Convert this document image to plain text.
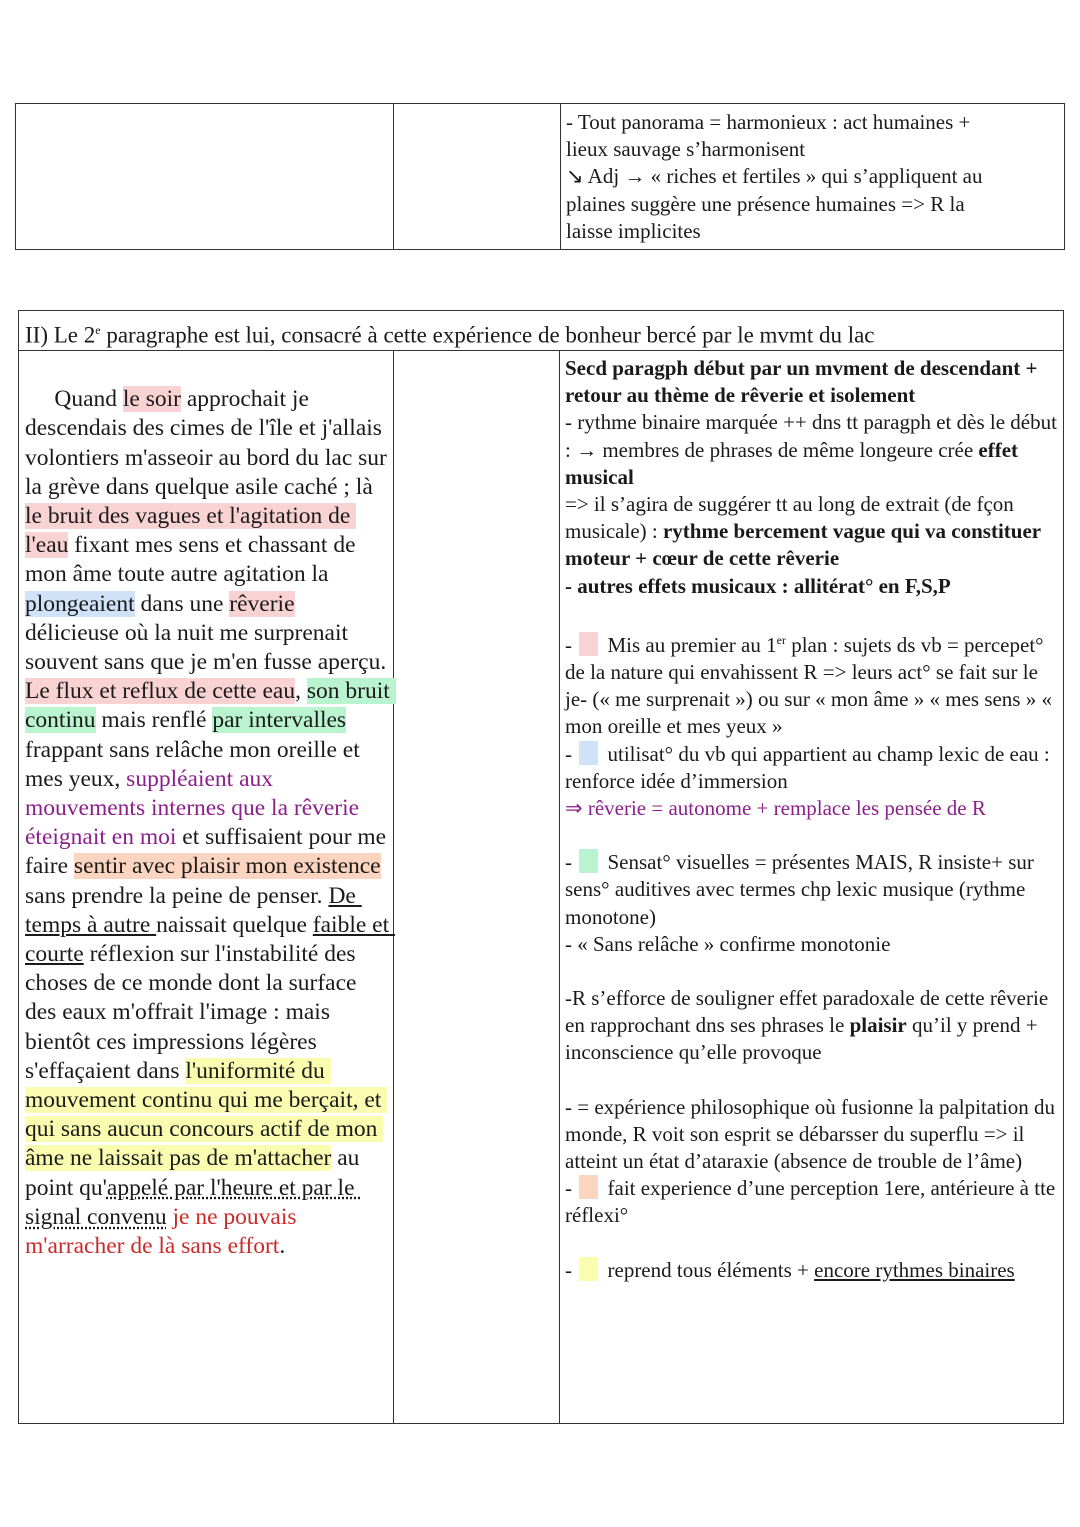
- Tout panorama = harmonieux : act humaines +
lieux sauvage s’harmonisent
↘ Adj → « riches et fertiles » qui s’appliquent au
plaines suggère une présence humaines => R la
laisse implicites
II) Le 2e paragraphe est lui, consacré à cette expérience de bonheur bercé par le mvmt du lac

Quand le soir approchait je descendais des cimes de l'île et j'allais volontiers m'asseoir au bord du lac sur la grève dans quelque asile caché ; là le bruit des vagues et l'agitation de l'eau fixant mes sens et chassant de mon âme toute autre agitation la plongeaient dans une rêverie délicieuse où la nuit me surprenait souvent sans que je m'en fusse aperçu. Le flux et reflux de cette eau, son bruit continu mais renflé par intervalles frappant sans relâche mon oreille et mes yeux, suppléaient aux mouvements internes que la rêverie éteignait en moi et suffisaient pour me faire sentir avec plaisir mon existence sans prendre la peine de penser. De temps à autre naissait quelque faible et courte réflexion sur l'instabilité des choses de ce monde dont la surface des eaux m'offrait l'image : mais bientôt ces impressions légères s'effaçaient dans l'uniformité du mouvement continu qui me berçait, et qui sans aucun concours actif de mon âme ne laissait pas de m'attacher au point qu'appelé par l'heure et par le signal convenu je ne pouvais m'arracher de là sans effort.

Secd paragph début par un mvment de descendant + retour au thème de rêverie et isolement
- rythme binaire marquée ++ dns tt paragph et dès le début : → membres de phrases de même longeure crée effet musical
=> il s’agira de suggérer tt au long de extrait (de fçon musicale) : rythme bercement vague qui va constituer moteur + cœur de cette rêverie
- autres effets musicaux : allitérat° en F,S,P
-  Mis au premier au 1er plan : sujets ds vb = percepet° de la nature qui envahissent R => leurs act° se fait sur le je- (« me surprenait ») ou sur « mon âme » « mes sens » « mon oreille et mes yeux »
-  utilisat° du vb qui appartient au champ lexic de eau : renforce idée d’immersion
⇒ rêverie = autonome + remplace les pensée de R
-  Sensat° visuelles = présentes MAIS, R insiste+ sur sens° auditives avec termes chp lexic musique (rythme monotone)
- « Sans relâche » confirme monotonie
-R s’efforce de souligner effet paradoxale de cette rêverie en rapprochant dns ses phrases le plaisir qu’il y prend + inconscience qu’elle provoque
- = expérience philosophique où fusionne la palpitation du monde, R voit son esprit se débarsser du superflu => il atteint un état d’ataraxie (absence de trouble de l’âme)
-  fait experience d’une perception 1ere, antérieure à tte réflexi°
-  reprend tous éléments + encore rythmes binaires
